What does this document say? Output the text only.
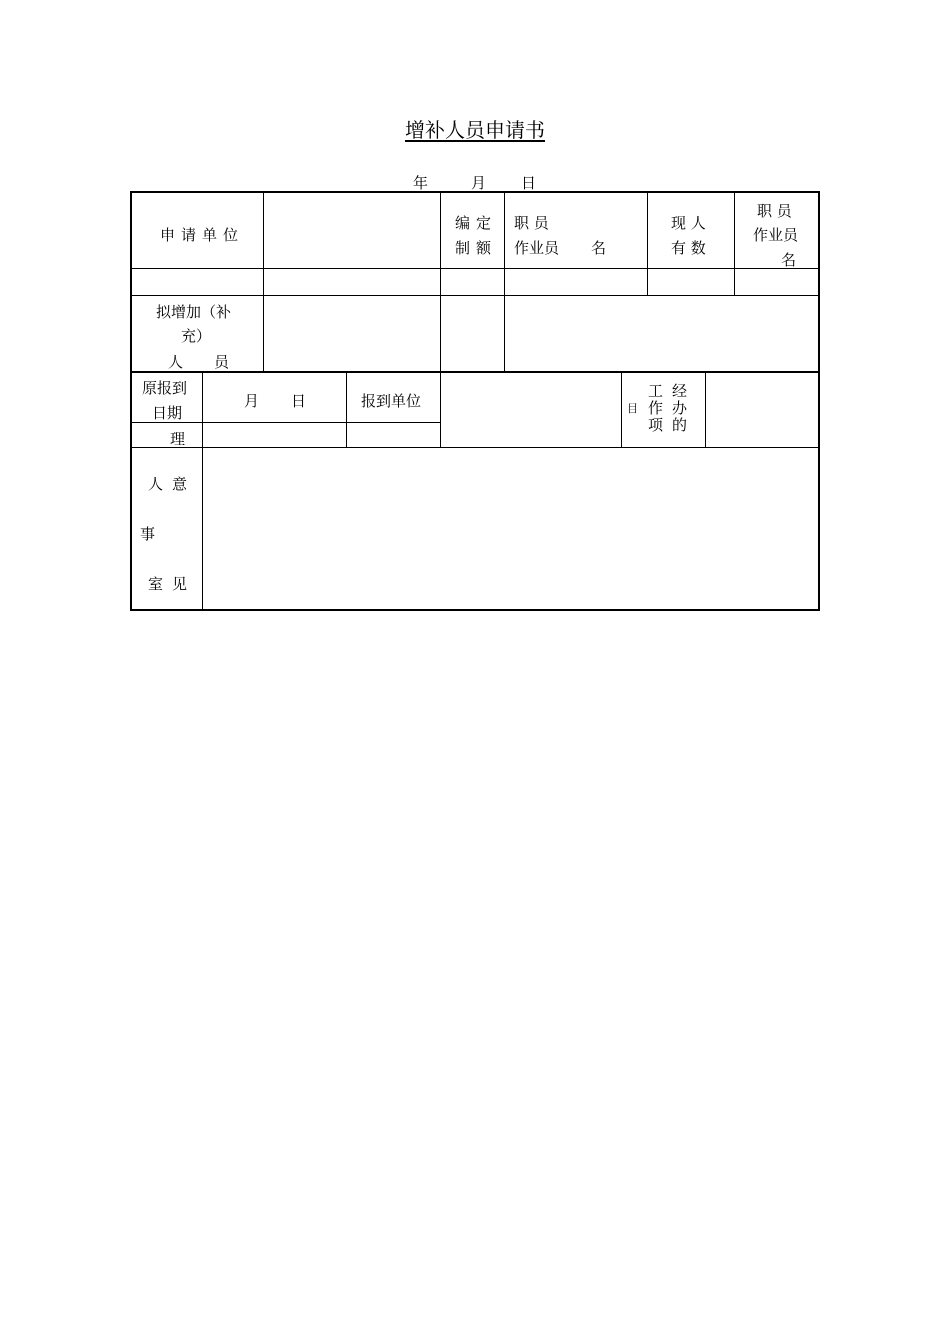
增补人员申请书
年	月 日
申请单位
编定
制额
职 员
作业员 名
现 人
有 数
职 员
作业员
名
拟增加（补
充）
人 员
原报到
日期
月 日	报到单位
理
目
工
作
项
经
办
的
人 意
事
室 见
